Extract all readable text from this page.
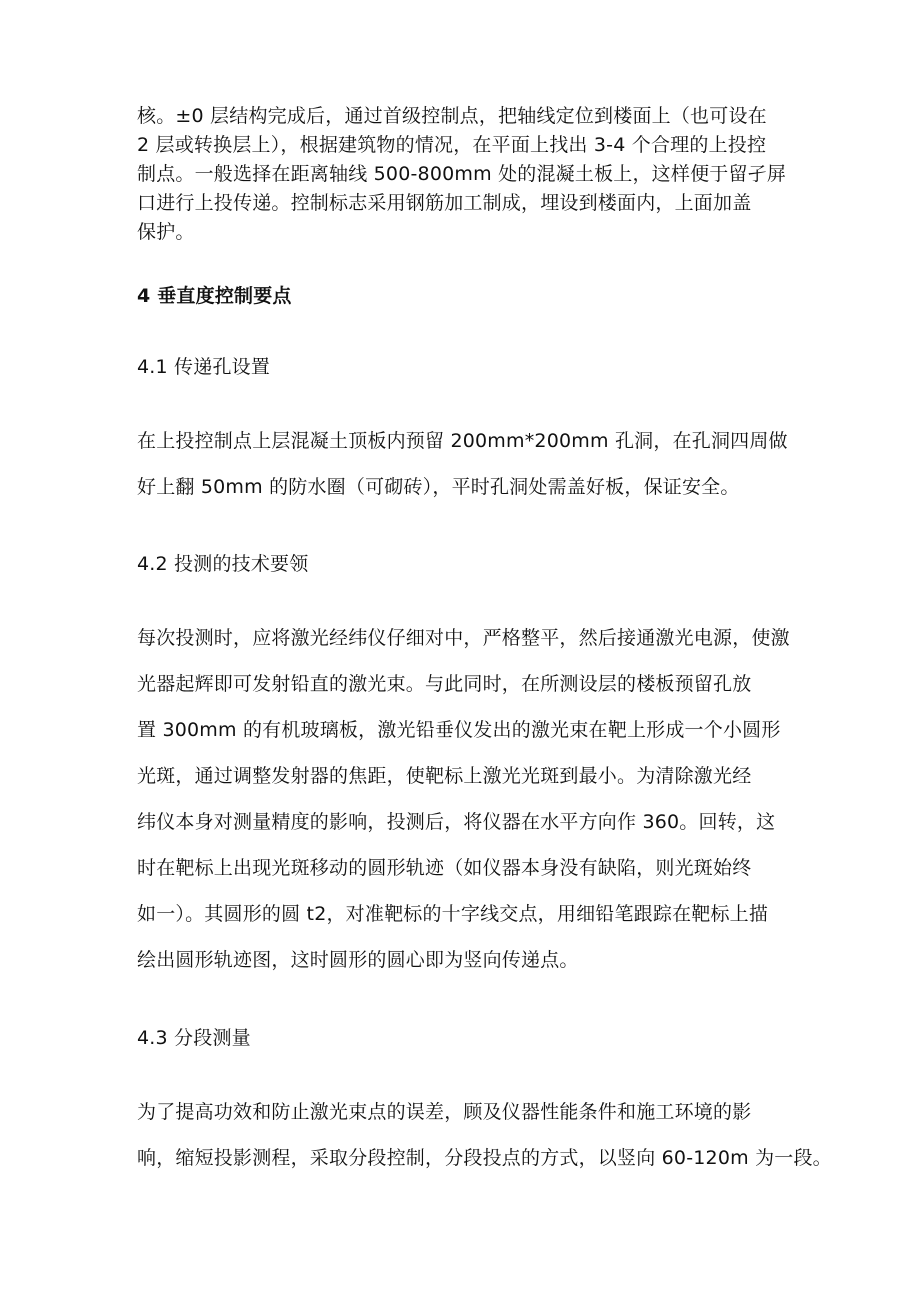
核。±0 层结构完成后，通过首级控制点，把轴线定位到楼面上（也可设在
2 层或转换层上），根据建筑物的情况，在平面上找出 3-4 个合理的上投控
制点。一般选择在距离轴线 500-800mm 处的混凝土板上，这样便于留孑屏
口进行上投传递。控制标志采用钢筋加工制成，埋设到楼面内，上面加盖
保护。
4 垂直度控制要点
4.1 传递孔设置
在上投控制点上层混凝土顶板内预留 200mm*200mm 孔洞，在孔洞四周做
好上翻 50mm 的防水圈（可砌砖），平时孔洞处需盖好板，保证安全。
4.2 投测的技术要领
每次投测时，应将激光经纬仪仔细对中，严格整平，然后接通激光电源，使激
光器起辉即可发射铅直的激光束。与此同时，在所测设层的楼板预留孔放
置 300mm 的有机玻璃板，激光铅垂仪发出的激光束在靶上形成一个小圆形
光斑，通过调整发射器的焦距，使靶标上激光光斑到最小。为清除激光经
纬仪本身对测量精度的影响，投测后，将仪器在水平方向作 360。回转，这
时在靶标上出现光斑移动的圆形轨迹（如仪器本身没有缺陷，则光斑始终
如一）。其圆形的圆 t2，对准靶标的十字线交点，用细铅笔跟踪在靶标上描
绘出圆形轨迹图，这时圆形的圆心即为竖向传递点。
4.3 分段测量
为了提高功效和防止激光束点的误差，顾及仪器性能条件和施工环境的影
响，缩短投影测程，采取分段控制，分段投点的方式，以竖向 60-120m 为一段。
